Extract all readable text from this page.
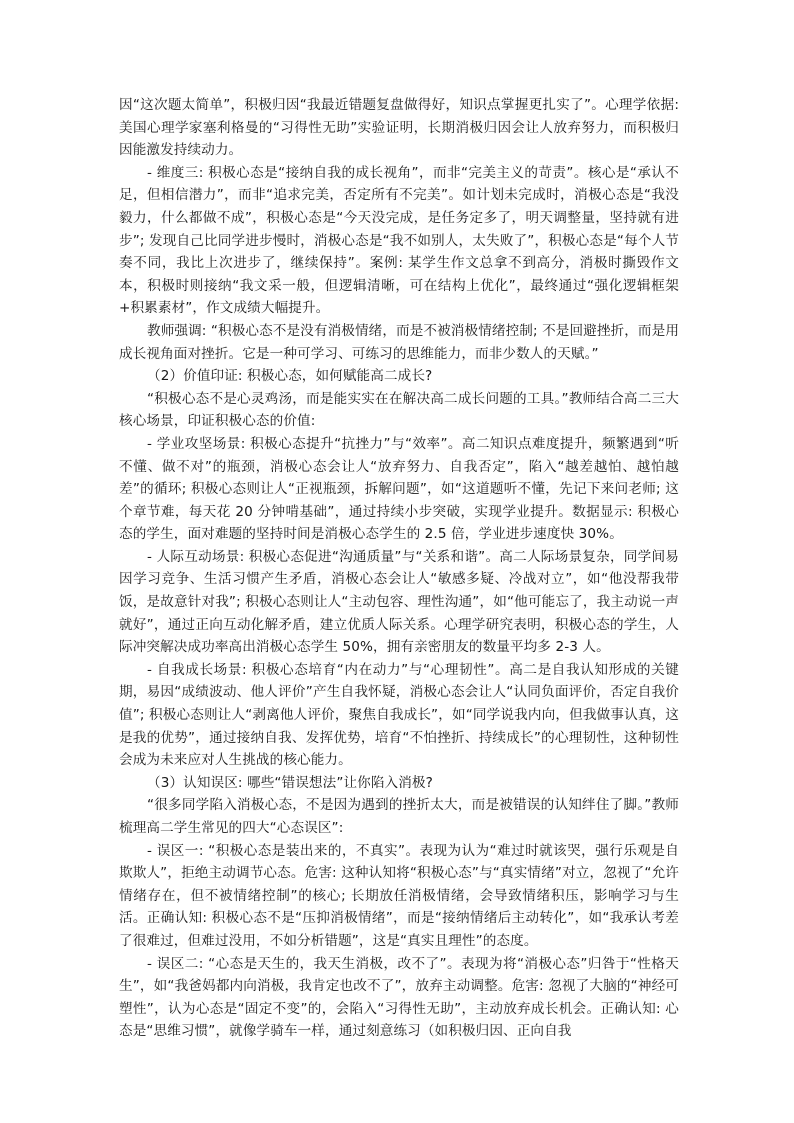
因“这次题太简单”，积极归因“我最近错题复盘做得好，知识点掌握更扎实了”。心理学依据: 美国心理学家塞利格曼的“习得性无助”实验证明，长期消极归因会让人放弃努力，而积极归因能激发持续动力。

- 维度三: 积极心态是“接纳自我的成长视角”，而非“完美主义的苛责”。核心是“承认不足，但相信潜力”，而非“追求完美，否定所有不完美”。如计划未完成时，消极心态是“我没毅力，什么都做不成”，积极心态是“今天没完成，是任务定多了，明天调整量，坚持就有进步”; 发现自己比同学进步慢时，消极心态是“我不如别人，太失败了”，积极心态是“每个人节奏不同，我比上次进步了，继续保持”。案例: 某学生作文总拿不到高分，消极时撕毁作文本，积极时则接纳“我文采一般，但逻辑清晰，可在结构上优化”，最终通过“强化逻辑框架+积累素材”，作文成绩大幅提升。

教师强调: “积极心态不是没有消极情绪，而是不被消极情绪控制; 不是回避挫折，而是用成长视角面对挫折。它是一种可学习、可练习的思维能力，而非少数人的天赋。”

（2）价值印证: 积极心态，如何赋能高二成长?

“积极心态不是心灵鸡汤，而是能实实在在解决高二成长问题的工具。”教师结合高二三大核心场景，印证积极心态的价值:

- 学业攻坚场景: 积极心态提升“抗挫力”与“效率”。高二知识点难度提升，频繁遇到“听不懂、做不对”的瓶颈，消极心态会让人“放弃努力、自我否定”，陷入“越差越怕、越怕越差”的循环; 积极心态则让人“正视瓶颈，拆解问题”，如“这道题听不懂，先记下来问老师; 这个章节难，每天花 20 分钟啃基础”，通过持续小步突破，实现学业提升。数据显示: 积极心态的学生，面对难题的坚持时间是消极心态学生的 2.5 倍，学业进步速度快 30%。

- 人际互动场景: 积极心态促进“沟通质量”与“关系和谐”。高二人际场景复杂，同学间易因学习竞争、生活习惯产生矛盾，消极心态会让人“敏感多疑、冷战对立”，如“他没帮我带饭，是故意针对我”; 积极心态则让人“主动包容、理性沟通”，如“他可能忘了，我主动说一声就好”，通过正向互动化解矛盾，建立优质人际关系。心理学研究表明，积极心态的学生，人际冲突解决成功率高出消极心态学生 50%，拥有亲密朋友的数量平均多 2-3 人。

- 自我成长场景: 积极心态培育“内在动力”与“心理韧性”。高二是自我认知形成的关键期，易因“成绩波动、他人评价”产生自我怀疑，消极心态会让人“认同负面评价，否定自我价值”; 积极心态则让人“剥离他人评价，聚焦自我成长”，如“同学说我内向，但我做事认真，这是我的优势”，通过接纳自我、发挥优势，培育“不怕挫折、持续成长”的心理韧性，这种韧性会成为未来应对人生挑战的核心能力。

（3）认知误区: 哪些“错误想法”让你陷入消极?

“很多同学陷入消极心态，不是因为遇到的挫折太大，而是被错误的认知绊住了脚。”教师梳理高二学生常见的四大“心态误区”:

- 误区一: “积极心态是装出来的，不真实”。表现为认为“难过时就该哭，强行乐观是自欺欺人”，拒绝主动调节心态。危害: 这种认知将“积极心态”与“真实情绪”对立，忽视了“允许情绪存在，但不被情绪控制”的核心; 长期放任消极情绪，会导致情绪积压，影响学习与生活。正确认知: 积极心态不是“压抑消极情绪”，而是“接纳情绪后主动转化”，如“我承认考差了很难过，但难过没用，不如分析错题”，这是“真实且理性”的态度。

- 误区二: “心态是天生的，我天生消极，改不了”。表现为将“消极心态”归咎于“性格天生”，如“我爸妈都内向消极，我肯定也改不了”，放弃主动调整。危害: 忽视了大脑的“神经可塑性”，认为心态是“固定不变”的，会陷入“习得性无助”，主动放弃成长机会。正确认知: 心态是“思维习惯”，就像学骑车一样，通过刻意练习（如积极归因、正向自我
